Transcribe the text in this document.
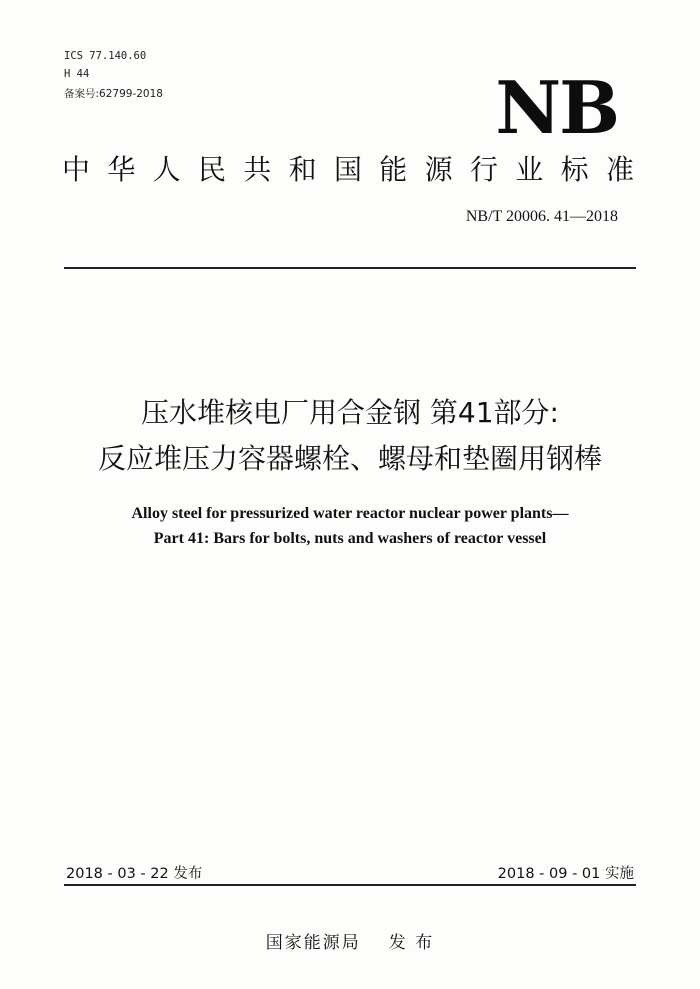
ICS 77.140.60
H 44
备案号:62799-2018	NB
中 华 人 民 共 和 国 能 源 行 业 标 准
NB/T 20006. 41—2018
压水堆核电厂用合金钢 第41部分:
反应堆压力容器螺栓、螺母和垫圈用钢棒
Alloy steel for pressurized water reactor nuclear power plants—
Part 41: Bars for bolts, nuts and washers of reactor vessel
2018 - 03 - 22 发布	2018 - 09 - 01 实施
国家能源局 发 布
